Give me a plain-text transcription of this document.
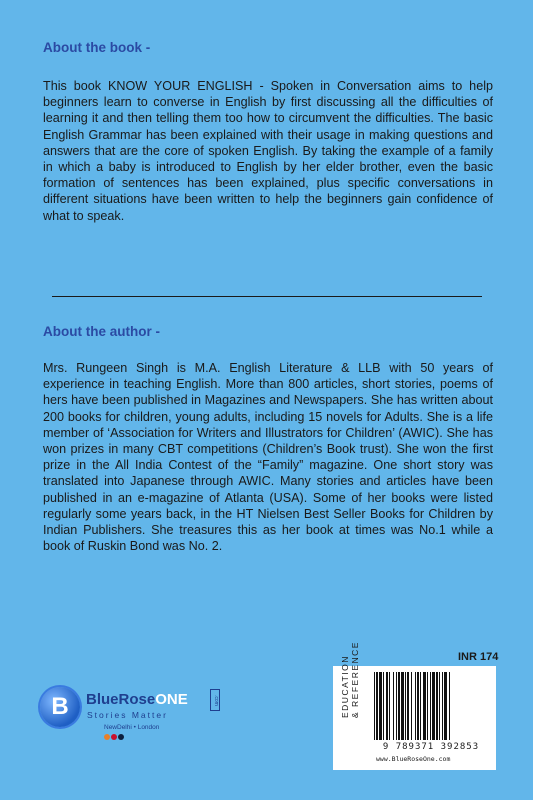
About the book -

This book KNOW YOUR ENGLISH - Spoken in Conversation aims to help beginners learn to converse in English by first discussing all the difficulties of learning it and then telling them too how to circumvent the difficulties. The basic English Grammar has been explained with their usage in making questions and answers that are the core of spoken English. By taking the example of a family in which a baby is introduced to English by her elder brother, even the basic formation of sentences has been explained, plus specific conversations in different situations have been written to help the beginners gain confidence of what to speak.

About the author -

Mrs. Rungeen Singh is M.A. English Literature & LLB with 50 years of experience in teaching English. More than 800 articles, short stories, poems of hers have been published in Magazines and Newspapers. She has written about 200 books for children, young adults, including 15 novels for Adults. She is a life member of ‘Association for Writers and Illustrators for Children’ (AWIC). She has won prizes in many CBT competitions (Children’s Book trust). She won the first prize in the All India Contest of the “Family” magazine. One short story was translated into Japanese through AWIC. Many stories and articles have been published in an e-magazine of Atlanta (USA). Some of her books were listed regularly some years back, in the HT Nielsen Best Seller Books for Children by Indian Publishers. She treasures this as her book at times was No.1 while a book of Ruskin Bond was No. 2.

B	BlueRoseONE	.com
Stories Matter
NewDelhi • London
INR 174
EDUCATION & REFERENCE
9 789371 392853
www.BlueRoseOne.com
